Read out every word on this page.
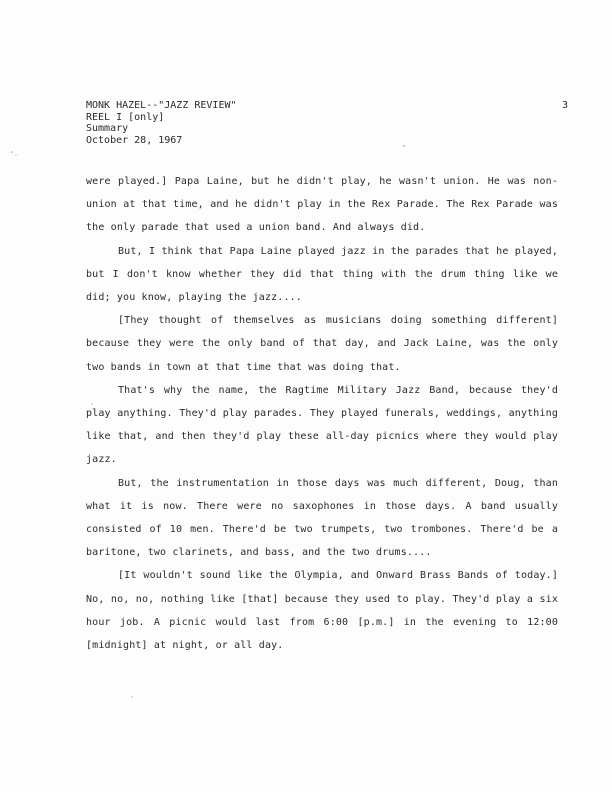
MONK HAZEL--"JAZZ REVIEW"
REEL I [only]
Summary
October 28, 1967
3

were played.] Papa Laine, but he didn't play, he wasn't union. He was non-union at that time, and he didn't play in the Rex Parade. The Rex Parade was the only parade that used a union band. And always did.

But, I think that Papa Laine played jazz in the parades that he played, but I don't know whether they did that thing with the drum thing like we did; you know, playing the jazz....

[They thought of themselves as musicians doing something different] because they were the only band of that day, and Jack Laine, was the only two bands in town at that time that was doing that.

That's why the name, the Ragtime Military Jazz Band, because they'd play anything. They'd play parades. They played funerals, weddings, anything like that, and then they'd play these all-day picnics where they would play jazz.

But, the instrumentation in those days was much different, Doug, than what it is now. There were no saxophones in those days. A band usually consisted of 10 men. There'd be two trumpets, two trombones. There'd be a baritone, two clarinets, and bass, and the two drums....

[It wouldn't sound like the Olympia, and Onward Brass Bands of today.] No, no, no, nothing like [that] because they used to play. They'd play a six hour job. A picnic would last from 6:00 [p.m.] in the evening to 12:00 [midnight] at night, or all day.
